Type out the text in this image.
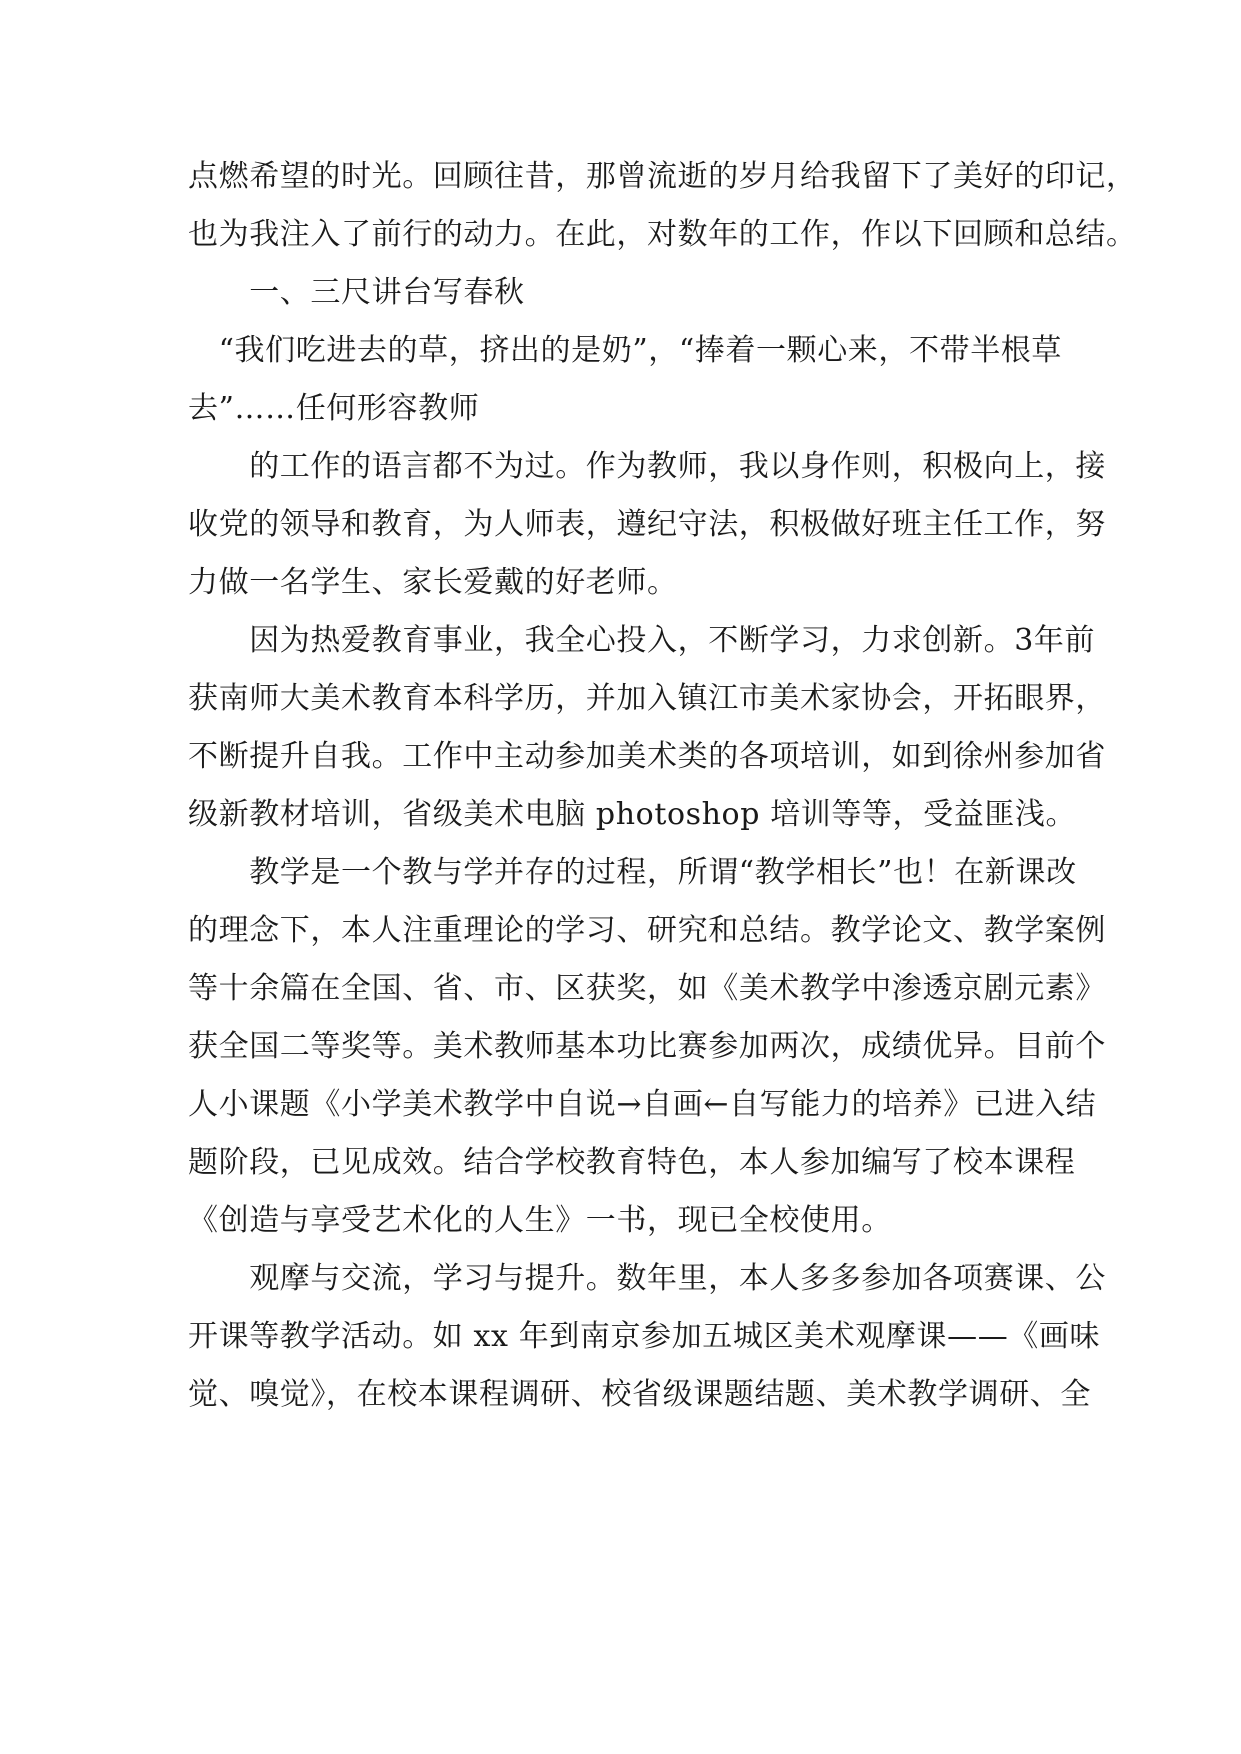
点燃希望的时光。回顾往昔，那曾流逝的岁月给我留下了美好的印记，

也为我注入了前行的动力。在此，对数年的工作，作以下回顾和总结。

　　一、三尺讲台写春秋

　“我们吃进去的草，挤出的是奶”，“捧着一颗心来，不带半根草

去”……任何形容教师

　　的工作的语言都不为过。作为教师，我以身作则，积极向上，接

收党的领导和教育，为人师表，遵纪守法，积极做好班主任工作，努

力做一名学生、家长爱戴的好老师。

　　因为热爱教育事业，我全心投入，不断学习，力求创新。3年前

获南师大美术教育本科学历，并加入镇江市美术家协会，开拓眼界，

不断提升自我。工作中主动参加美术类的各项培训，如到徐州参加省

级新教材培训，省级美术电脑 photoshop 培训等等，受益匪浅。

　　教学是一个教与学并存的过程，所谓“教学相长”也！在新课改

的理念下，本人注重理论的学习、研究和总结。教学论文、教学案例

等十余篇在全国、省、市、区获奖，如《美术教学中渗透京剧元素》

获全国二等奖等。美术教师基本功比赛参加两次，成绩优异。目前个

人小课题《小学美术教学中自说→自画←自写能力的培养》已进入结

题阶段，已见成效。结合学校教育特色，本人参加编写了校本课程

《创造与享受艺术化的人生》一书，现已全校使用。

　　观摩与交流，学习与提升。数年里，本人多多参加各项赛课、公

开课等教学活动。如 xx 年到南京参加五城区美术观摩课——《画味

觉、嗅觉》，在校本课程调研、校省级课题结题、美术教学调研、全
